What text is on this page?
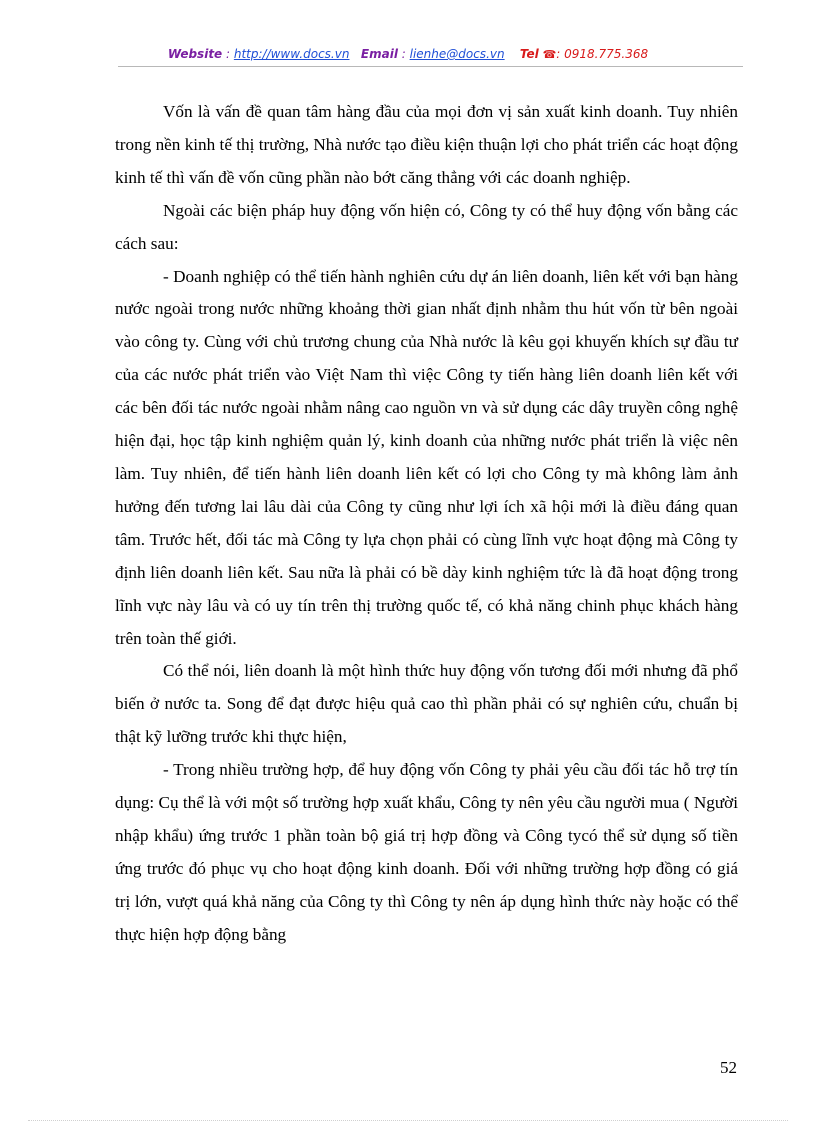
Website : http://www.docs.vn Email : lienhe@docs.vn Tel ☎: 0918.775.368

Vốn là vấn đề quan tâm hàng đầu của mọi đơn vị sản xuất kinh doanh. Tuy nhiên trong nền kinh tế thị trường, Nhà nước tạo điều kiện thuận lợi cho phát triển các hoạt động kinh tế thì vấn đề vốn cũng phần nào bớt căng thẳng với các doanh nghiệp.

Ngoài các biện pháp huy động vốn hiện có, Công ty có thể huy động vốn bằng các cách sau:

- Doanh nghiệp có thể tiến hành nghiên cứu dự án liên doanh, liên kết với bạn hàng nước ngoài trong nước những khoảng thời gian nhất định nhằm thu hút vốn từ bên ngoài vào công ty. Cùng với chủ trương chung của Nhà nước là kêu gọi khuyến khích sự đầu tư của các nước phát triển vào Việt Nam thì việc Công ty tiến hàng liên doanh liên kết với các bên đối tác nước ngoài nhằm nâng cao nguồn vn và sử dụng các dây truyền công nghệ hiện đại, học tập kinh nghiệm quản lý, kinh doanh của những nước phát triển là việc nên làm. Tuy nhiên, để tiến hành liên doanh liên kết có lợi cho Công ty mà không làm ảnh hưởng đến tương lai lâu dài của Công ty cũng như lợi ích xã hội mới là điều đáng quan tâm. Trước hết, đối tác mà Công ty lựa chọn phải có cùng lĩnh vực hoạt động mà Công ty định liên doanh liên kết. Sau nữa là phải có bề dày kinh nghiệm tức là đã hoạt động trong lĩnh vực này lâu và có uy tín trên thị trường quốc tế, có khả năng chinh phục khách hàng trên toàn thế giới.

Có thể nói, liên doanh là một hình thức huy động vốn tương đối mới nhưng đã phổ biến ở nước ta. Song để đạt được hiệu quả cao thì phần phải có sự nghiên cứu, chuẩn bị thật kỹ lưỡng trước khi thực hiện,

- Trong nhiều trường hợp, để huy động vốn Công ty phải yêu cầu đối tác hỗ trợ tín dụng: Cụ thể là với một số trường hợp xuất khẩu, Công ty nên yêu cầu người mua ( Người nhập khẩu) ứng trước 1 phần toàn bộ giá trị hợp đồng và Công tycó thể sử dụng số tiền ứng trước đó phục vụ cho hoạt động kinh doanh. Đối với những trường hợp đồng có giá trị lớn, vượt quá khả năng của Công ty thì Công ty nên áp dụng hình thức này hoặc có thể thực hiện hợp động bằng

52
